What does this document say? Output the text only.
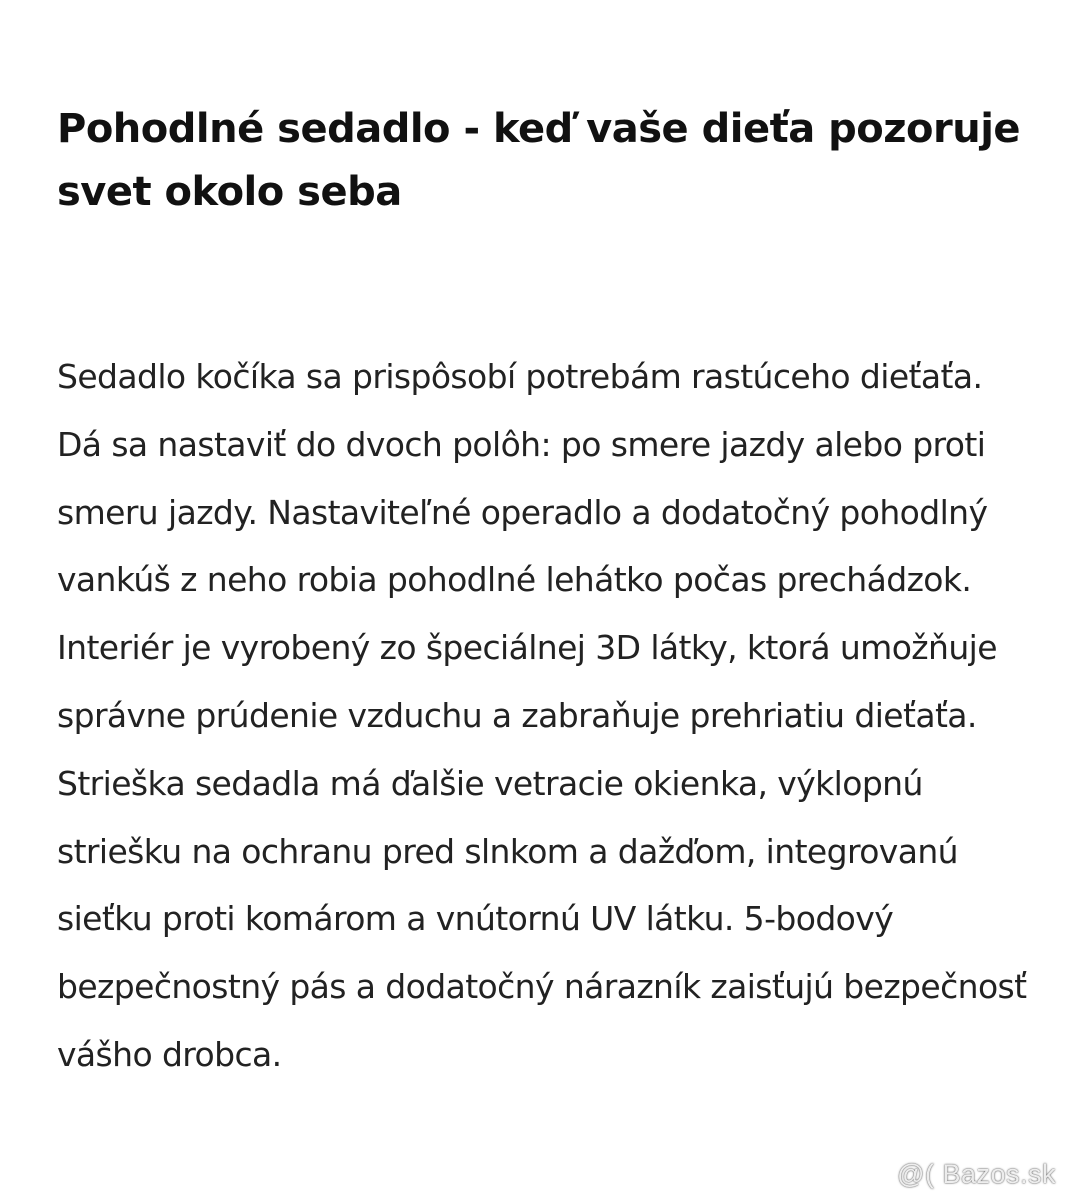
Pohodlné sedadlo - keď vaše dieťa pozoruje svet okolo seba

Sedadlo kočíka sa prispôsobí potrebám rastúceho dieťaťa. Dá sa nastaviť do dvoch polôh: po smere jazdy alebo proti smeru jazdy. Nastaviteľné operadlo a dodatočný pohodlný vankúš z neho robia pohodlné lehátko počas prechádzok. Interiér je vyrobený zo špeciálnej 3D látky, ktorá umožňuje správne prúdenie vzduchu a zabraňuje prehriatiu dieťaťa. Strieška sedadla má ďalšie vetracie okienka, výklopnú striešku na ochranu pred slnkom a dažďom, integrovanú sieťku proti komárom a vnútornú UV látku. 5-bodový bezpečnostný pás a dodatočný nárazník zaisťujú bezpečnosť vášho drobca.

@( Bazos.sk
